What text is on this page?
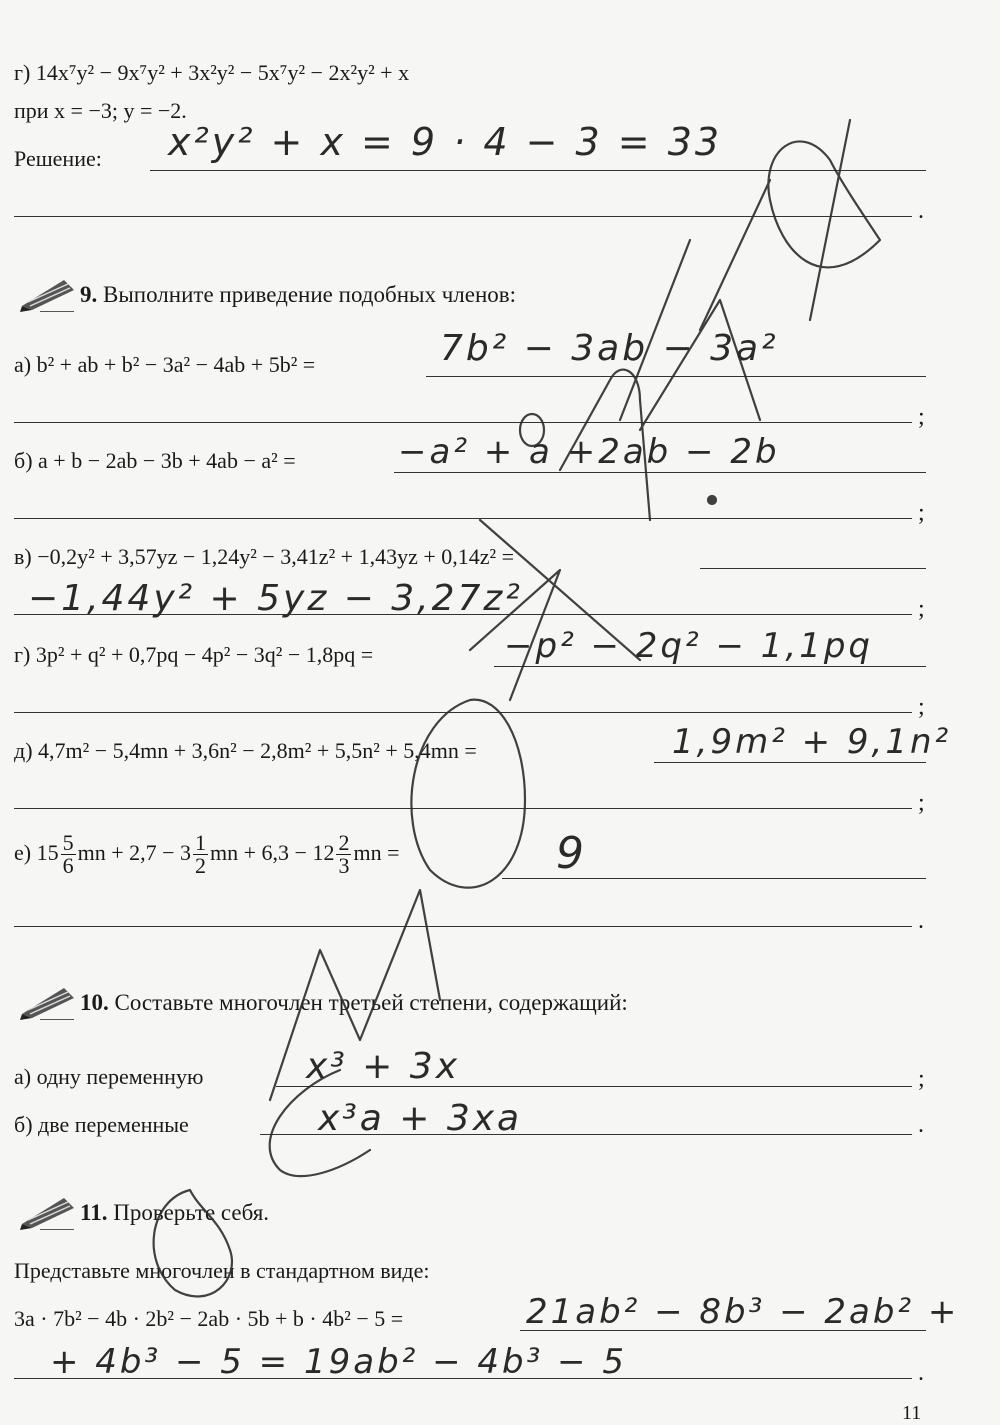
г) 14x⁷y² − 9x⁷y² + 3x²y² − 5x⁷y² − 2x²y² + x
при x = −3; y = −2.
Решение: x²y² + x = 9 · 4 − 3 = 33
.
9. Выполните приведение подобных членов:
а) b² + ab + b² − 3a² − 4ab + 5b² =	7b² − 3ab − 3a²
;
б) a + b − 2ab − 3b + 4ab − a² =	−a² + a +2ab − 2b
;
в) −0,2y² + 3,57yz − 1,24y² − 3,41z² + 1,43yz + 0,14z² =
−1,44y² + 5yz − 3,27z²	;
г) 3p² + q² + 0,7pq − 4p² − 3q² − 1,8pq =	−p² − 2q² − 1,1pq
;
д) 4,7m² − 5,4mn + 3,6n² − 2,8m² + 5,5n² + 5,4mn =	1,9m² + 9,1n²
;
е) $15 \frac{5}{6}$ mn + $2,7 - 3 \frac{1}{2}$ mn + $6,3 - 12 \frac{2}{3}$ mn =	9
.
10. Составьте многочлен третьей степени, содержащий:
а) одну переменную	x³ + 3x	;
б) две переменные	x³a + 3xa	.
11. Проверьте себя.
Представьте многочлен в стандартном виде:
3a · 7b² − 4b · 2b² − 2ab · 5b + b · 4b² − 5 =	21ab² − 8b³ − 2ab² +
+ 4b³ − 5 = 19ab² − 4b³ − 5	.
11
